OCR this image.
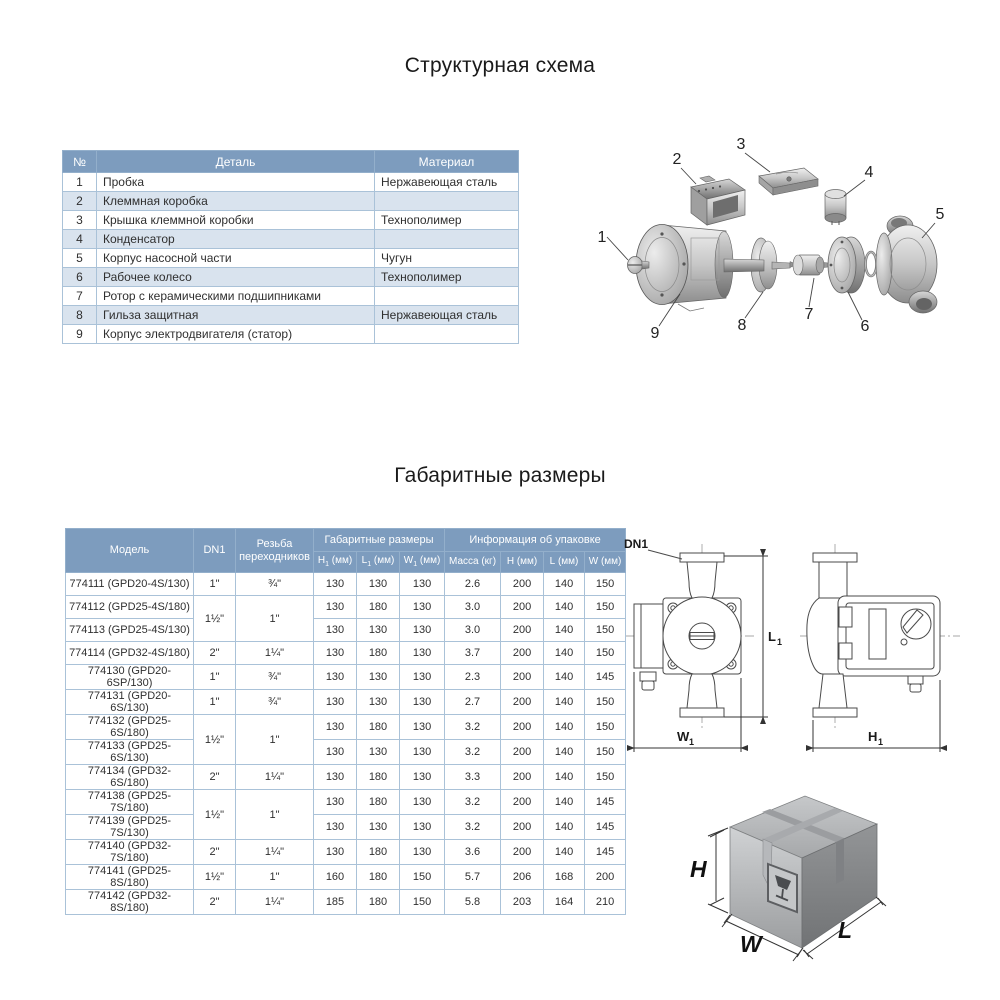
Структурная схема
№	Деталь	Материал
1	Пробка	Нержавеющая сталь
2	Клеммная коробка	
3	Крышка клеммной коробки	Технополимер
4	Конденсатор	
5	Корпус насосной части	Чугун
6	Рабочее колесо	Технополимер
7	Ротор с керамическими подшипниками	
8	Гильза защитная	Нержавеющая сталь
9	Корпус электродвигателя (статор)	
1
2
3
4
5
6
7
8
9
Габаритные размеры
Модель	DN1	Резьба переходников	Габаритные размеры			Информация об упаковке			
			$H_1$ (мм)	$L_1$ (мм)	$W_1$ (мм)	Масса (кг)	H (мм)	L (мм)	W (мм)
774111 (GPD20-4S/130)	1"	¾"	130	130	130	2.6	200	140	150
774112 (GPD25-4S/180)	1½"	1"	130	180	130	3.0	200	140	150
774113 (GPD25-4S/130)			130	130	130	3.0	200	140	150
774114 (GPD32-4S/180)	2"	1¼"	130	180	130	3.7	200	140	150
774130 (GPD20-6SP/130)	1"	¾"	130	130	130	2.3	200	140	145
774131 (GPD20-6S/130)	1"	¾"	130	130	130	2.7	200	140	150
774132 (GPD25-6S/180)	1½"	1"	130	180	130	3.2	200	140	150
774133 (GPD25-6S/130)			130	130	130	3.2	200	140	150
774134 (GPD32-6S/180)	2"	1¼"	130	180	130	3.3	200	140	150
774138 (GPD25-7S/180)	1½"	1"	130	180	130	3.2	200	140	145
774139 (GPD25-7S/130)			130	130	130	3.2	200	140	145
774140 (GPD32-7S/180)	2"	1¼"	130	180	130	3.6	200	140	145
774141 (GPD25-8S/180)	1½"	1"	160	180	150	5.7	206	168	200
774142 (GPD32-8S/180)	2"	1¼"	185	180	150	5.8	203	164	210
DN1
L 1
W 1	H 1
H
W
L
